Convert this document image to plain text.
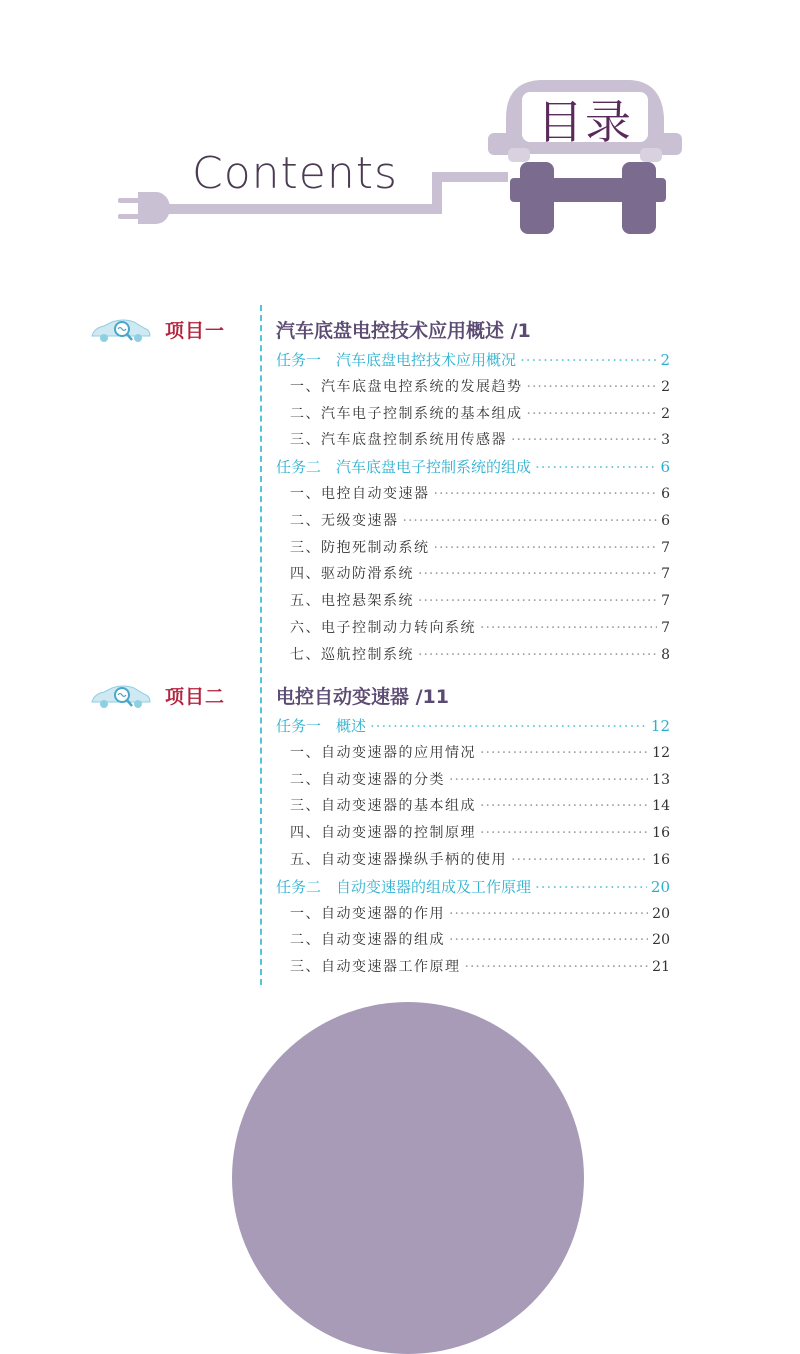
Contents

目录

项目一	汽车底盘电控技术应用概述 /1
任务一　汽车底盘电控技术应用概况 ·····	2
一、汽车底盘电控系统的发展趋势 ·····	2
二、汽车电子控制系统的基本组成 ·····	2
三、汽车底盘控制系统用传感器 ·····	3
任务二　汽车底盘电子控制系统的组成 ·····	6
一、电控自动变速器 ·····	6
二、无级变速器 ·····	6
三、防抱死制动系统 ·····	7
四、驱动防滑系统 ·····	7
五、电控悬架系统 ·····	7
六、电子控制动力转向系统 ·····	7
七、巡航控制系统 ·····	8
项目二	电控自动变速器 /11
任务一　概述 ·····	12
一、自动变速器的应用情况 ·····	12
二、自动变速器的分类 ·····	13
三、自动变速器的基本组成 ·····	14
四、自动变速器的控制原理 ·····	16
五、自动变速器操纵手柄的使用 ·····	16
任务二　自动变速器的组成及工作原理 ·····	20
一、自动变速器的作用 ·····	20
二、自动变速器的组成 ·····	20
三、自动变速器工作原理 ·····	21
